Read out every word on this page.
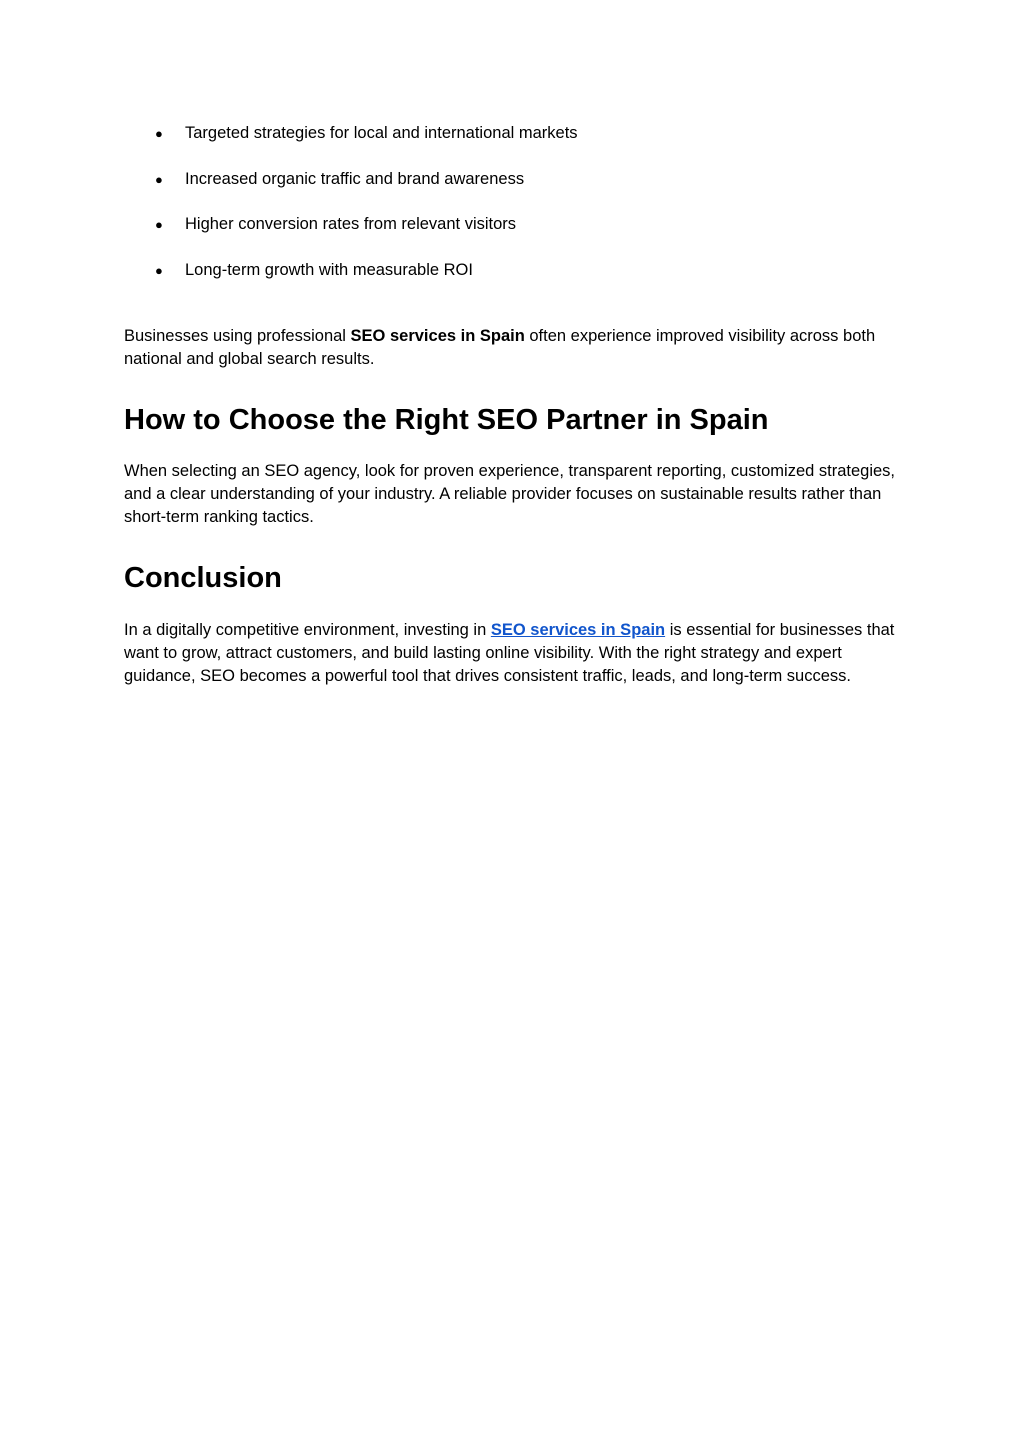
● Targeted strategies for local and international markets
● Increased organic traffic and brand awareness
● Higher conversion rates from relevant visitors
● Long-term growth with measurable ROI

Businesses using professional SEO services in Spain often experience improved visibility across both national and global search results.

How to Choose the Right SEO Partner in Spain

When selecting an SEO agency, look for proven experience, transparent reporting, customized strategies, and a clear understanding of your industry. A reliable provider focuses on sustainable results rather than short-term ranking tactics.

Conclusion

In a digitally competitive environment, investing in SEO services in Spain is essential for businesses that want to grow, attract customers, and build lasting online visibility. With the right strategy and expert guidance, SEO becomes a powerful tool that drives consistent traffic, leads, and long-term success.
